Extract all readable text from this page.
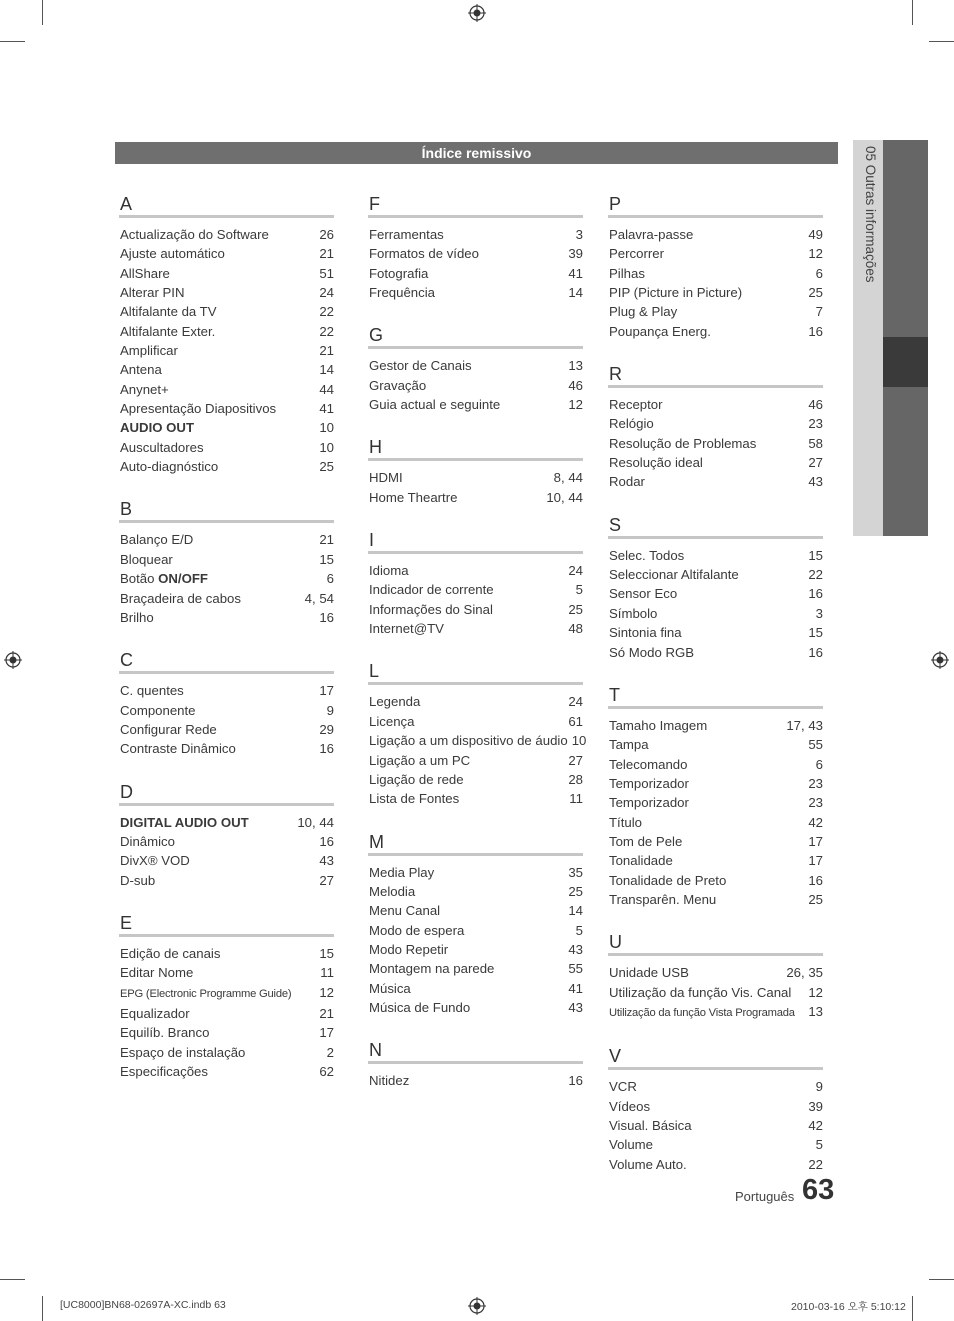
05 Outras informações
Índice remissivo
A
Actualização do Software	26
Ajuste automático	21
AllShare	51
Alterar PIN	24
Altifalante da TV	22
Altifalante Exter.	22
Amplificar	21
Antena	14
Anynet+	44
Apresentação Diapositivos	41
AUDIO OUT	10
Auscultadores	10
Auto-diagnóstico	25
B
Balanço E/D	21
Bloquear	15
Botão ON/OFF	6
Braçadeira de cabos	4, 54
Brilho	16
C
C. quentes	17
Componente	9
Configurar Rede	29
Contraste Dinâmico	16
D
DIGITAL AUDIO OUT	10, 44
Dinâmico	16
DivX® VOD	43
D-sub	27
E
Edição de canais	15
Editar Nome	11
EPG (Electronic Programme Guide)	12
Equalizador	21
Equilíb. Branco	17
Espaço de instalação	2
Especificações	62
F
Ferramentas	3
Formatos de vídeo	39
Fotografia	41
Frequência	14
G
Gestor de Canais	13
Gravação	46
Guia actual e seguinte	12
H
HDMI	8, 44
Home Theartre	10, 44
I
Idioma	24
Indicador de corrente	5
Informações do Sinal	25
Internet@TV	48
L
Legenda	24
Licença	61
Ligação a um dispositivo de áudio 10
Ligação a um PC	27
Ligação de rede	28
Lista de Fontes	11
M
Media Play	35
Melodia	25
Menu Canal	14
Modo de espera	5
Modo Repetir	43
Montagem na parede	55
Música	41
Música de Fundo	43
N
Nitidez	16
P
Palavra-passe	49
Percorrer	12
Pilhas	6
PIP (Picture in Picture)	25
Plug & Play	7
Poupança Energ.	16
R
Receptor	46
Relógio	23
Resolução de Problemas	58
Resolução ideal	27
Rodar	43
S
Selec. Todos	15
Seleccionar Altifalante	22
Sensor Eco	16
Símbolo	3
Sintonia fina	15
Só Modo RGB	16
T
Tamaho Imagem	17, 43
Tampa	55
Telecomando	6
Temporizador	23
Temporizador	23
Título	42
Tom de Pele	17
Tonalidade	17
Tonalidade de Preto	16
Transparên. Menu	25
U
Unidade USB	26, 35
Utilização da função Vis. Canal	12
Utilização da função Vista Programada	13
V
VCR	9
Vídeos	39
Visual. Básica	42
Volume	5
Volume Auto.	22
Português 63
[UC8000]BN68-02697A-XC.indb 63	2010-03-16 오후 5:10:12
